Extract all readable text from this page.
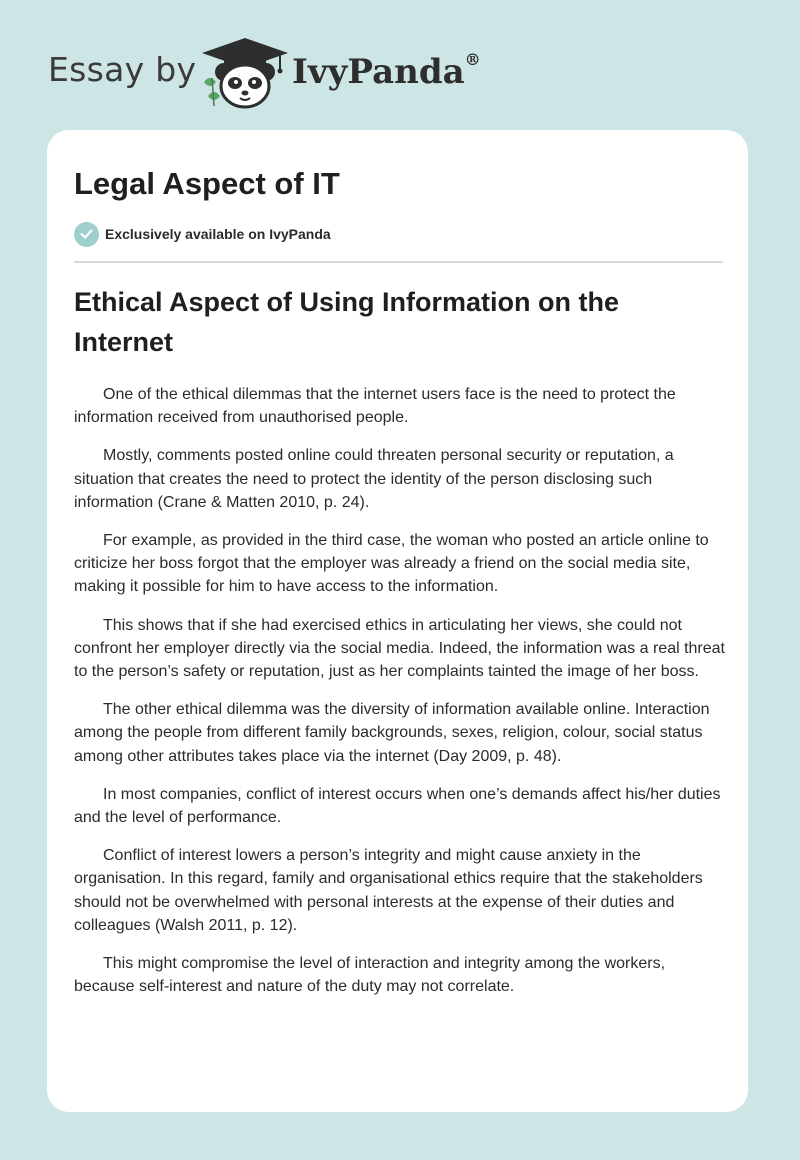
Essay by	IvyPanda®
Legal Aspect of IT
Exclusively available on IvyPanda
Ethical Aspect of Using Information on the Internet

One of the ethical dilemmas that the internet users face is the need to protect the information received from unauthorised people.

Mostly, comments posted online could threaten personal security or reputation, a situation that creates the need to protect the identity of the person disclosing such information (Crane & Matten 2010, p. 24).

For example, as provided in the third case, the woman who posted an article online to criticize her boss forgot that the employer was already a friend on the social media site, making it possible for him to have access to the information.

This shows that if she had exercised ethics in articulating her views, she could not confront her employer directly via the social media. Indeed, the information was a real threat to the person’s safety or reputation, just as her complaints tainted the image of her boss.

The other ethical dilemma was the diversity of information available online. Interaction among the people from different family backgrounds, sexes, religion, colour, social status among other attributes takes place via the internet (Day 2009, p. 48).

In most companies, conflict of interest occurs when one’s demands affect his/her duties and the level of performance.

Conflict of interest lowers a person’s integrity and might cause anxiety in the organisation. In this regard, family and organisational ethics require that the stakeholders should not be overwhelmed with personal interests at the expense of their duties and colleagues (Walsh 2011, p. 12).

This might compromise the level of interaction and integrity among the workers, because self-interest and nature of the duty may not correlate.
